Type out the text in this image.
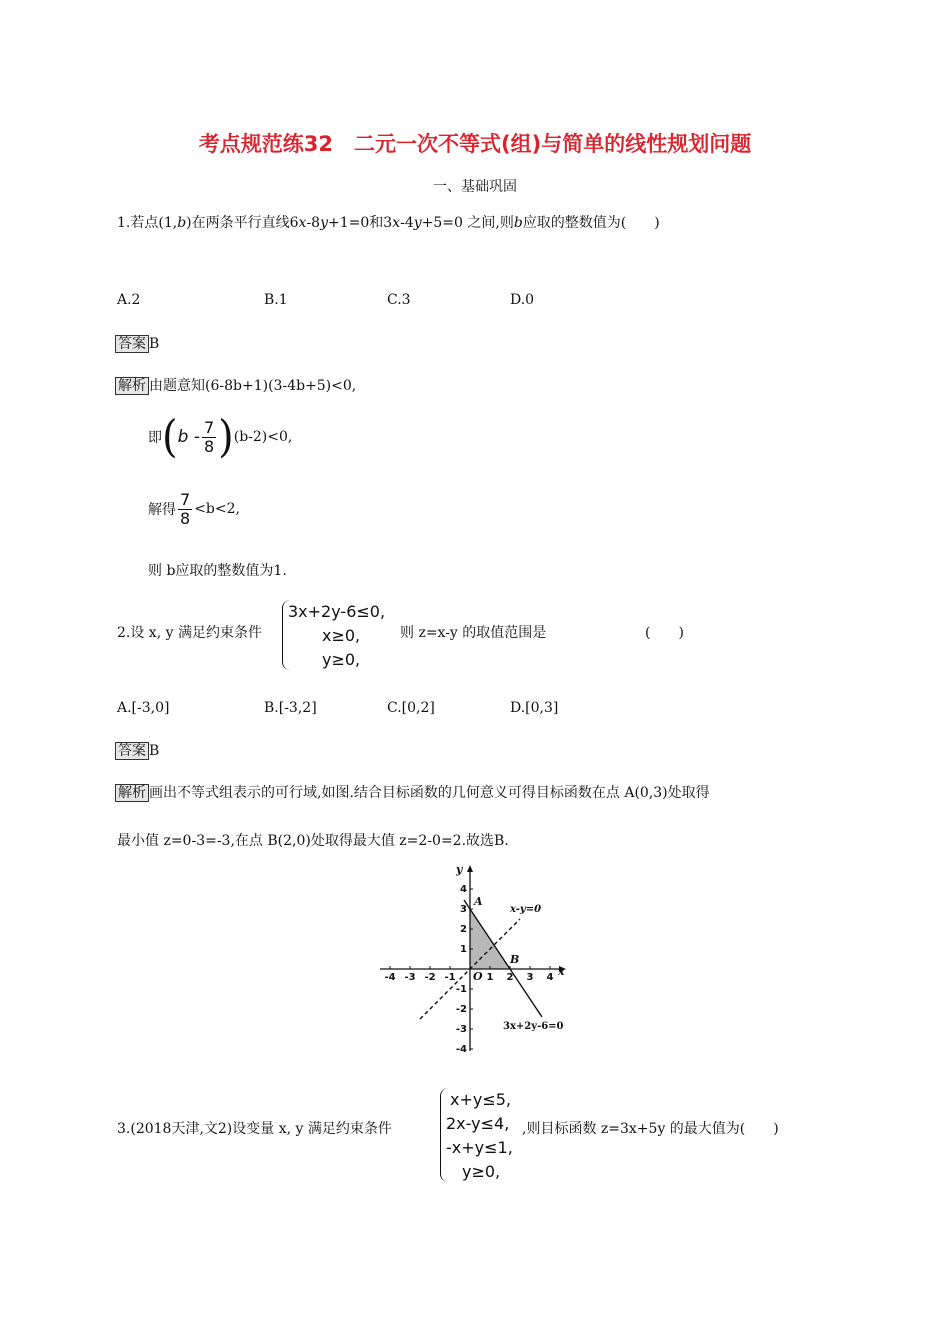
考点规范练32　二元一次不等式(组)与简单的线性规划问题
一、基础巩固
1.若点(1,b)在两条平行直线6x-8y+1=0和3x-4y+5=0 之间,则b应取的整数值为(　　)
A.2	B.1	C.3	D.0
答案 B
解析 由题意知(6-8b+1)(3-4b+5)<0,
即 ( b - $\frac{7}{8}$ ) (b-2)<0,
解得 $\frac{7}{8} <b<2$,
则 b应取的整数值为1.
2.设 x, y 满足约束条件
3x+2y-6≤0,
x≥0,
y≥0,
则 z=x-y 的取值范围是	(　　)
A.[-3,0]	B.[-3,2]	C.[0,2]	D.[0,3]
答案 B
解析 画出不等式组表示的可行域,如图.结合目标函数的几何意义可得目标函数在点 A(0,3)处取得
最小值 z=0-3=-3,在点 B(2,0)处取得最大值 z=2-0=2.故选B.
y
x
O
A
B
x-y=0
3x+2y-6=0
-4 -3 -2 -1	1 2 3 4
4
3
2
1
-1
-2
-3
-4
3.(2018天津,文2)设变量 x, y 满足约束条件
x+y≤5,
2x-y≤4,
-x+y≤1,
y≥0,
,则目标函数 z=3x+5y 的最大值为(　　)
